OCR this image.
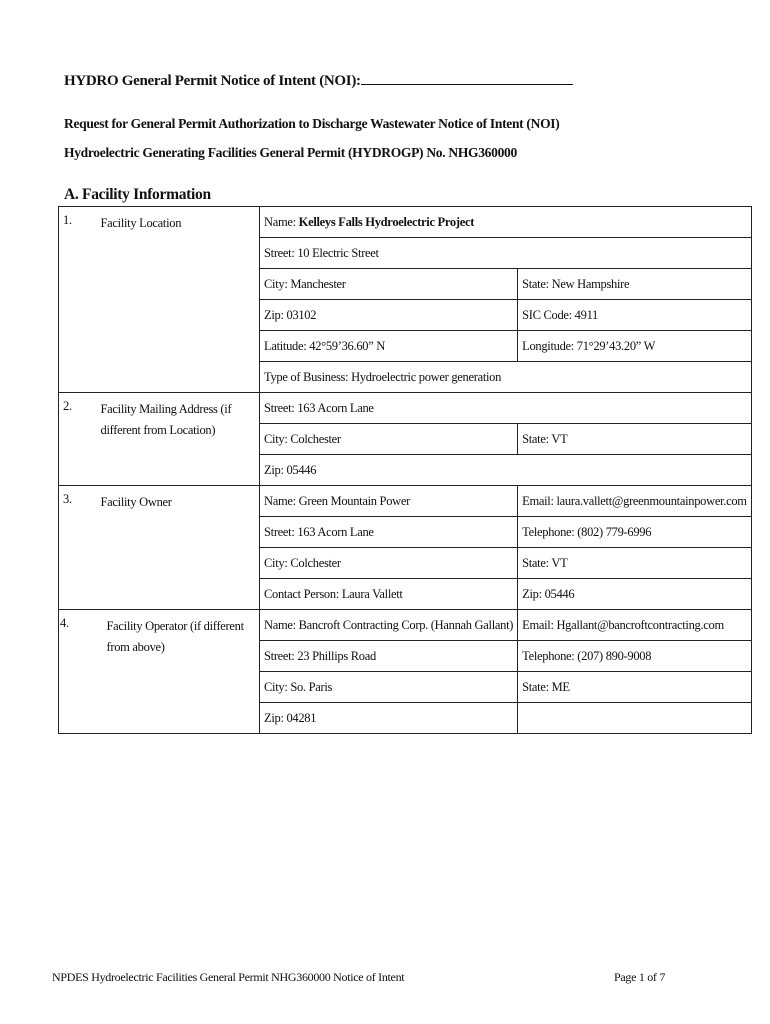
HYDRO General Permit Notice of Intent (NOI):
Request for General Permit Authorization to Discharge Wastewater Notice of Intent (NOI)
Hydroelectric Generating Facilities General Permit (HYDROGP) No. NHG360000
A. Facility Information
1.	Facility Location	Name: Kelleys Falls Hydroelectric Project	
		Street: 10 Electric Street	
		City: Manchester	State: New Hampshire
		Zip: 03102	SIC Code: 4911
		Latitude: 42°59’36.60” N	Longitude: 71°29’43.20” W
		Type of Business: Hydroelectric power generation	
2.	Facility Mailing Address (if different from Location)	Street: 163 Acorn Lane	
		City: Colchester	State: VT
		Zip: 05446	
3.	Facility Owner	Name: Green Mountain Power	Email: laura.vallett@greenmountainpower.com
		Street: 163 Acorn Lane	Telephone: (802) 779-6996
		City: Colchester	State: VT
		Contact Person: Laura Vallett	Zip: 05446
4.	Facility Operator (if different from above)	Name: Bancroft Contracting Corp. (Hannah Gallant)	Email: Hgallant@bancroftcontracting.com
		Street: 23 Phillips Road	Telephone: (207) 890-9008
		City: So. Paris	State: ME
		Zip: 04281	
NPDES Hydroelectric Facilities General Permit NHG360000 Notice of Intent	Page 1 of 7
